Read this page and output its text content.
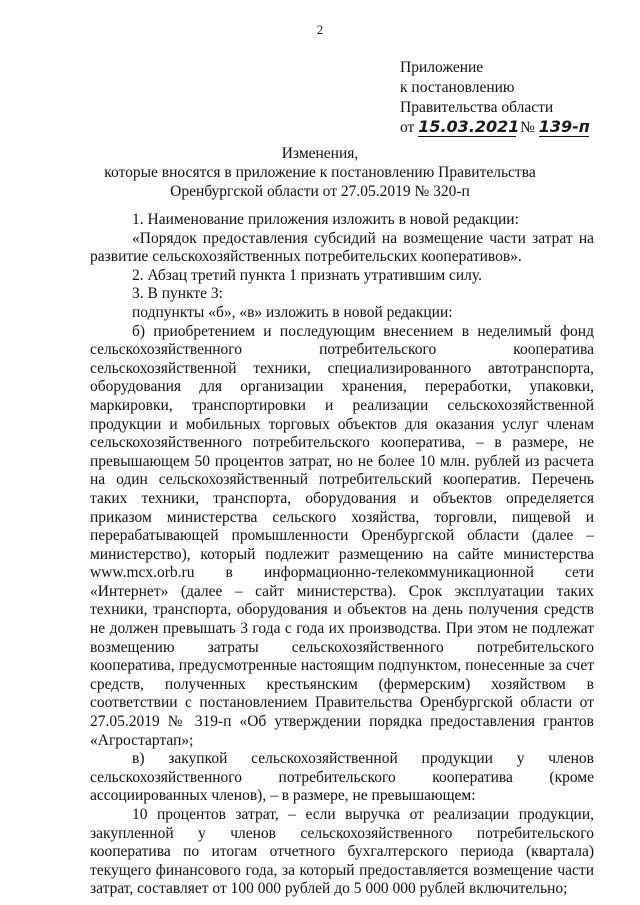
2
Приложение
к постановлению
Правительства области
от 15.03.2021 № 139-п
Изменения,
которые вносятся в приложение к постановлению Правительства
Оренбургской области от 27.05.2019 № 320-п

1. Наименование приложения изложить в новой редакции:

«Порядок предоставления субсидий на возмещение части затрат на развитие сельскохозяйственных потребительских кооперативов».

2. Абзац третий пункта 1 признать утратившим силу.

3. В пункте 3:

подпункты «б», «в» изложить в новой редакции:

б) приобретением и последующим внесением в неделимый фонд сельскохозяйственного потребительского кооператива сельскохозяйственной техники, специализированного автотранспорта, оборудования для организации хранения, переработки, упаковки, маркировки, транспортировки и реализации сельскохозяйственной продукции и мобильных торговых объектов для оказания услуг членам сельскохозяйственного потребительского кооператива, – в размере, не превышающем 50 процентов затрат, но не более 10 млн. рублей из расчета на один сельскохозяйственный потребительский кооператив. Перечень таких техники, транспорта, оборудования и объектов определяется приказом министерства сельского хозяйства, торговли, пищевой и перерабатывающей промышленности Оренбургской области (далее – министерство), который подлежит размещению на сайте министерства www.mcx.orb.ru в информационно-телекоммуникационной сети «Интернет» (далее – сайт министерства). Срок эксплуатации таких техники, транспорта, оборудования и объектов на день получения средств не должен превышать 3 года с года их производства. При этом не подлежат возмещению затраты сельскохозяйственного потребительского кооператива, предусмотренные настоящим подпунктом, понесенные за счет средств, полученных крестьянским (фермерским) хозяйством в соответствии с постановлением Правительства Оренбургской области от 27.05.2019 № 319-п «Об утверждении порядка предоставления грантов «Агростартап»;

в) закупкой сельскохозяйственной продукции у членов сельскохозяйственного потребительского кооператива (кроме ассоциированных членов), – в размере, не превышающем:

10 процентов затрат, – если выручка от реализации продукции, закупленной у членов сельскохозяйственного потребительского кооператива по итогам отчетного бухгалтерского периода (квартала) текущего финансового года, за который предоставляется возмещение части затрат, составляет от 100 000 рублей до 5 000 000 рублей включительно;
